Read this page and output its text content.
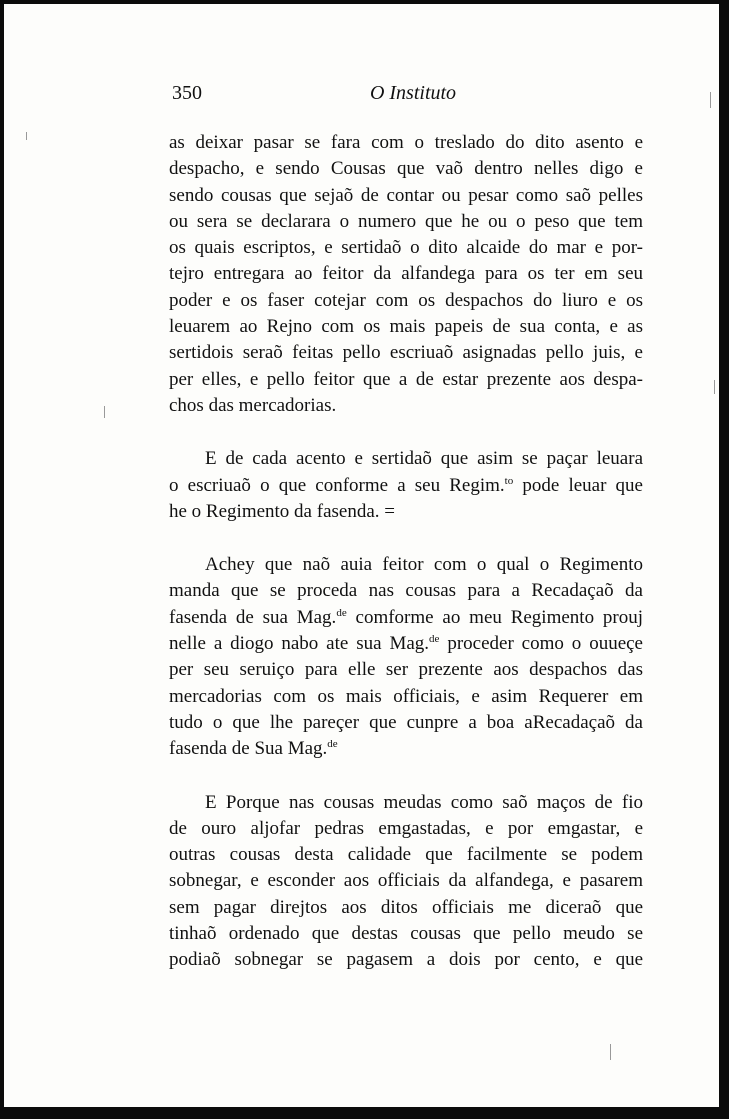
350	O Instituto

as deixar pasar se fara com o treslado do dito asento e
despacho, e sendo Cousas que vaõ dentro nelles digo e
sendo cousas que sejaõ de contar ou pesar como saõ pelles
ou sera se declarara o numero que he ou o peso que tem
os quais escriptos, e sertidaõ o dito alcaide do mar e por-
tejro entregara ao feitor da alfandega para os ter em seu
poder e os faser cotejar com os despachos do liuro e os
leuarem ao Rejno com os mais papeis de sua conta, e as
sertidois seraõ feitas pello escriuaõ asignadas pello juis, e
per elles, e pello feitor que a de estar prezente aos despa-
chos das mercadorias.

E de cada acento e sertidaõ que asim se paçar leuara
o escriuaõ o que conforme a seu Regim.$^{to}$ pode leuar que
he o Regimento da fasenda. =

Achey que naõ auia feitor com o qual o Regimento
manda que se proceda nas cousas para a Recadaçaõ da
fasenda de sua Mag.$^{de}$ comforme ao meu Regimento prouj
nelle a diogo nabo ate sua Mag.$^{de}$ proceder como o ouueçe
per seu seruiço para elle ser prezente aos despachos das
mercadorias com os mais officiais, e asim Requerer em
tudo o que lhe pareçer que cunpre a boa aRecadaçaõ da
fasenda de Sua Mag.$^{de}$

E Porque nas cousas meudas como saõ maços de fio
de ouro aljofar pedras emgastadas, e por emgastar, e
outras cousas desta calidade que facilmente se podem
sobnegar, e esconder aos officiais da alfandega, e pasarem
sem pagar direjtos aos ditos officiais me diceraõ que
tinhaõ ordenado que destas cousas que pello meudo se
podiaõ sobnegar se pagasem a dois por cento, e que
